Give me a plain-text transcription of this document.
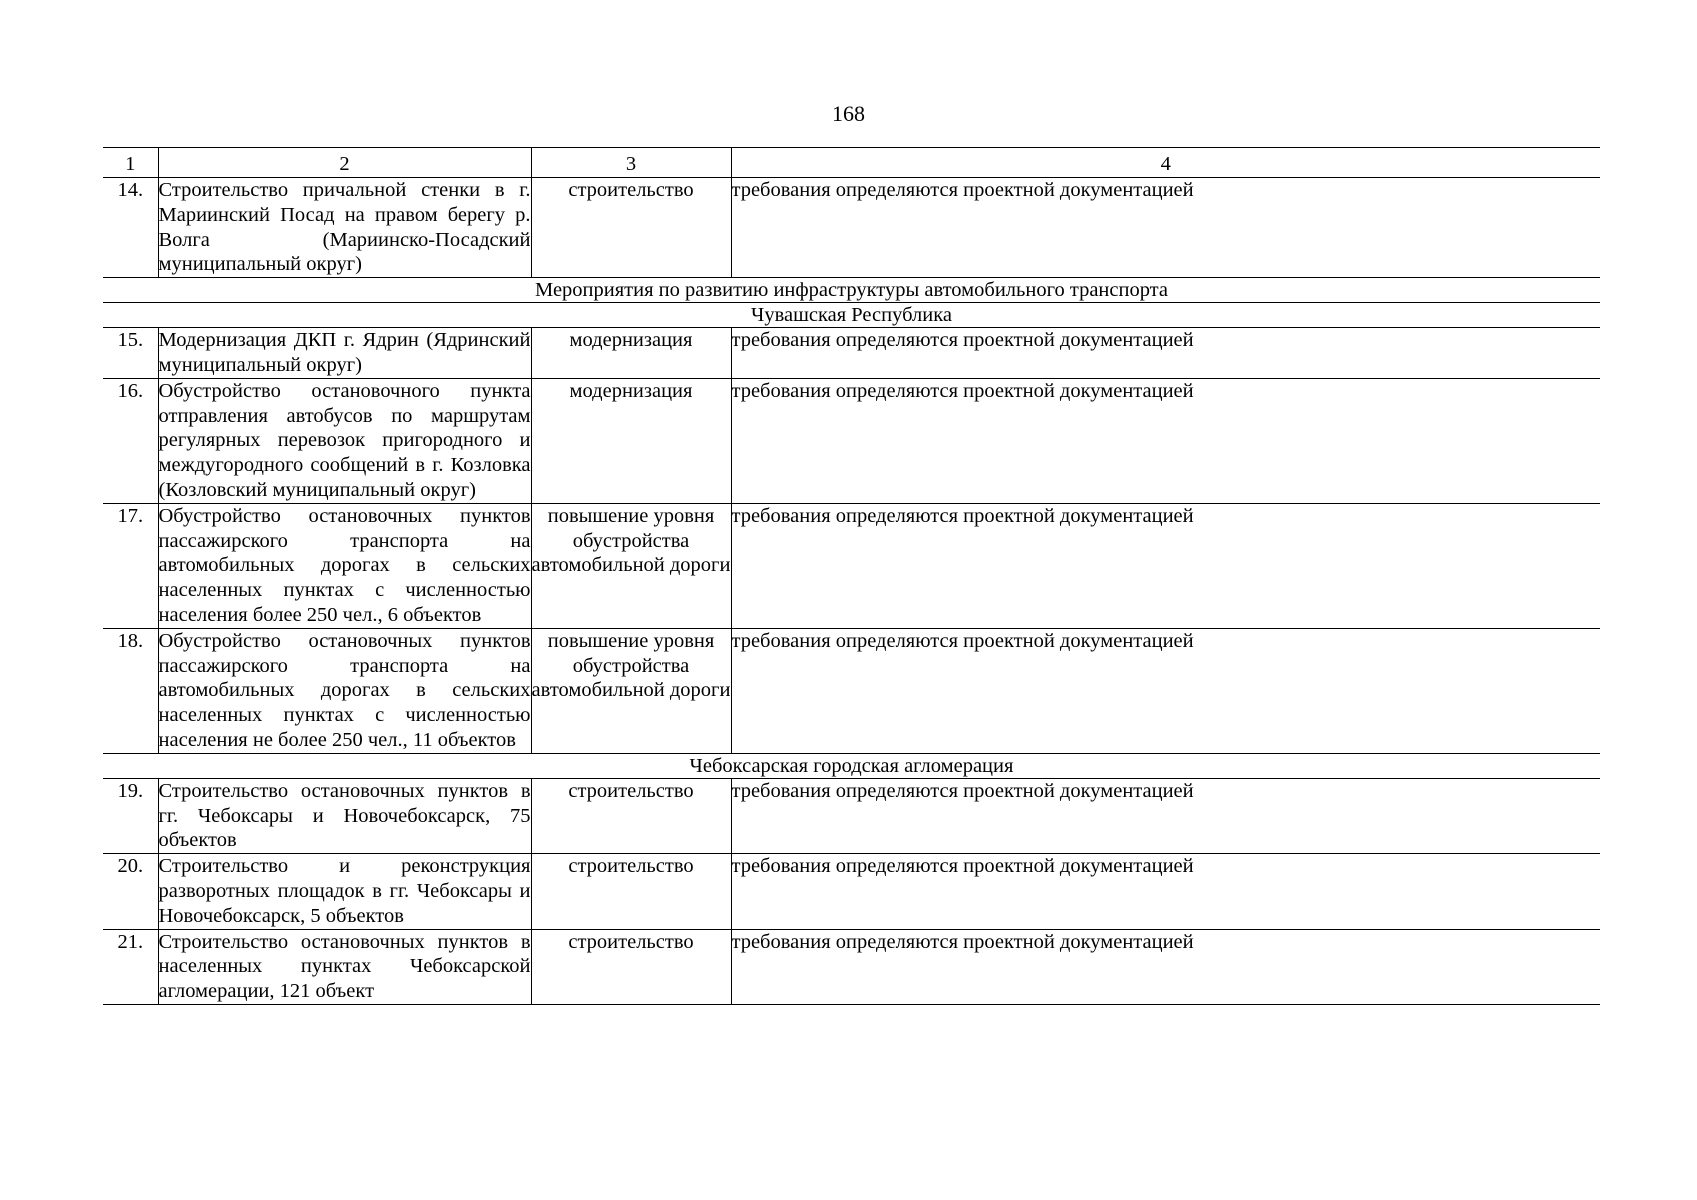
168
1	2	3	4
14.	Строительство причальной стенки в г. Мариинский Посад на правом берегу р. Волга (Мариинско-Посадский муниципальный округ)	строительство	требования определяются проектной документацией
Мероприятия по развитию инфраструктуры автомобильного транспорта			
Чувашская Республика			
15.	Модернизация ДКП г. Ядрин (Ядринский муниципальный округ)	модернизация	требования определяются проектной документацией
16.	Обустройство остановочного пункта отправления автобусов по маршрутам регулярных перевозок пригородного и междугородного сообщений в г. Козловка (Козловский муниципальный округ)	модернизация	требования определяются проектной документацией
17.	Обустройство остановочных пунктов пассажирского транспорта на автомобильных дорогах в сельских населенных пунктах с численностью населения более 250 чел., 6 объектов	повышение уровня обустройства автомобильной дороги	требования определяются проектной документацией
18.	Обустройство остановочных пунктов пассажирского транспорта на автомобильных дорогах в сельских населенных пунктах с численностью населения не более 250 чел., 11 объектов	повышение уровня обустройства автомобильной дороги	требования определяются проектной документацией
Чебоксарская городская агломерация			
19.	Строительство остановочных пунктов в гг. Чебоксары и Новочебоксарск, 75 объектов	строительство	требования определяются проектной документацией
20.	Строительство и реконструкция разворотных площадок в гг. Чебоксары и Новочебоксарск, 5 объектов	строительство	требования определяются проектной документацией
21.	Строительство остановочных пунктов в населенных пунктах Чебоксарской агломерации, 121 объект	строительство	требования определяются проектной документацией
